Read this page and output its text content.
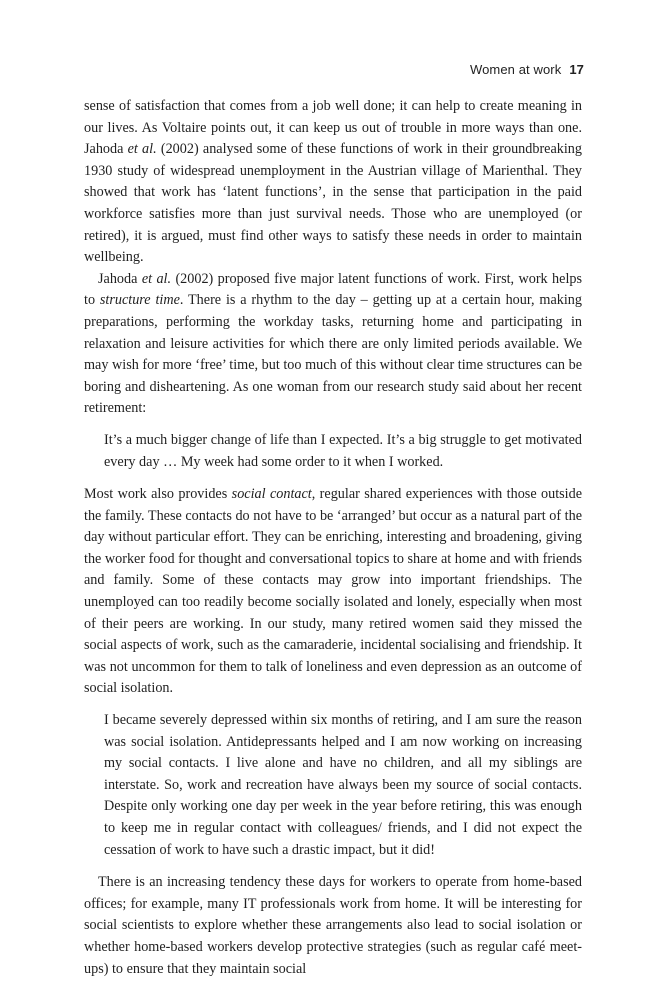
Women at work 17

sense of satisfaction that comes from a job well done; it can help to create meaning in our lives. As Voltaire points out, it can keep us out of trouble in more ways than one. Jahoda et al. (2002) analysed some of these functions of work in their groundbreaking 1930 study of widespread unemployment in the Austrian village of Marienthal. They showed that work has ‘latent functions’, in the sense that participation in the paid workforce satisfies more than just survival needs. Those who are unemployed (or retired), it is argued, must find other ways to satisfy these needs in order to maintain wellbeing.

Jahoda et al. (2002) proposed five major latent functions of work. First, work helps to structure time. There is a rhythm to the day – getting up at a certain hour, making preparations, performing the workday tasks, returning home and participating in relaxation and leisure activities for which there are only limited periods available. We may wish for more ‘free’ time, but too much of this without clear time structures can be boring and disheartening. As one woman from our research study said about her recent retirement:

It’s a much bigger change of life than I expected. It’s a big struggle to get motivated every day … My week had some order to it when I worked.

Most work also provides social contact, regular shared experiences with those outside the family. These contacts do not have to be ‘arranged’ but occur as a natural part of the day without particular effort. They can be enriching, interesting and broadening, giving the worker food for thought and conversational topics to share at home and with friends and family. Some of these contacts may grow into important friendships. The unemployed can too readily become socially isolated and lonely, especially when most of their peers are working. In our study, many retired women said they missed the social aspects of work, such as the camaraderie, incidental socialising and friendship. It was not uncommon for them to talk of loneliness and even depression as an outcome of social isolation.

I became severely depressed within six months of retiring, and I am sure the reason was social isolation. Antidepressants helped and I am now working on increasing my social contacts. I live alone and have no children, and all my siblings are interstate. So, work and recreation have always been my source of social contacts. Despite only working one day per week in the year before retiring, this was enough to keep me in regular contact with colleagues/ friends, and I did not expect the cessation of work to have such a drastic impact, but it did!

There is an increasing tendency these days for workers to operate from home-based offices; for example, many IT professionals work from home. It will be interesting for social scientists to explore whether these arrangements also lead to social isolation or whether home-based workers develop protective strategies (such as regular café meet-ups) to ensure that they maintain social
